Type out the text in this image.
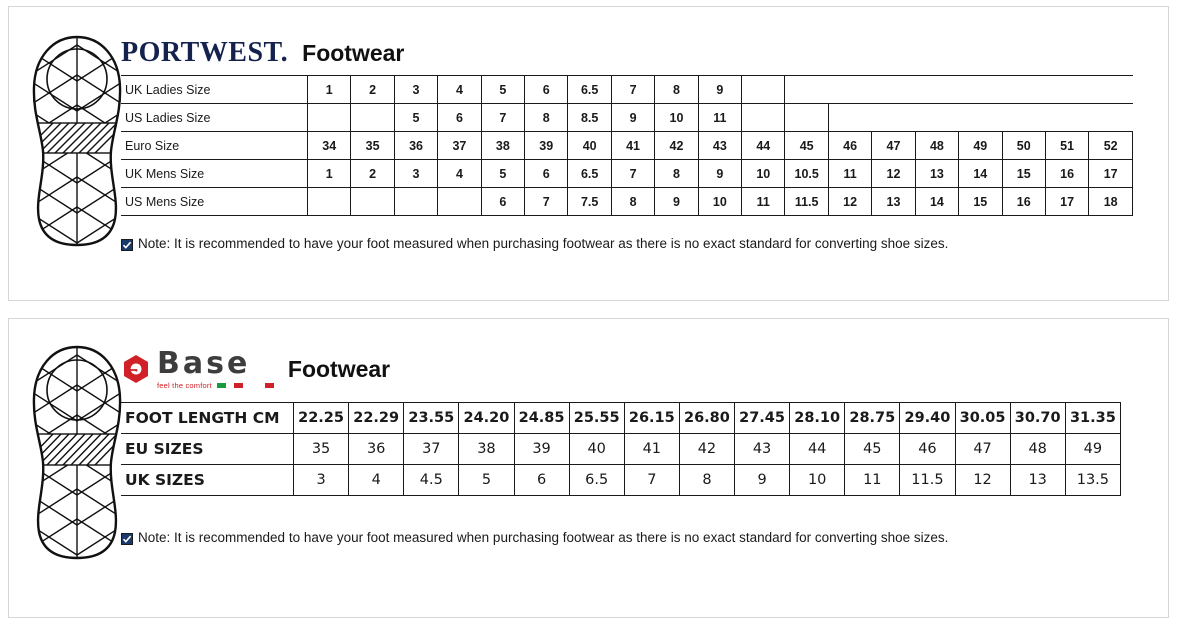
PORTWEST. Footwear
UK Ladies Size	1	2	3	4	5	6	6.5	7	8	9									
US Ladies Size			5	6	7	8	8.5	9	10	11									
Euro Size	34	35	36	37	38	39	40	41	42	43	44	45	46	47	48	49	50	51	52
UK Mens Size	1	2	3	4	5	6	6.5	7	8	9	10	10.5	11	12	13	14	15	16	17
US Mens Size					6	7	7.5	8	9	10	11	11.5	12	13	14	15	16	17	18
Note: It is recommended to have your foot measured when purchasing footwear as there is no exact standard for converting shoe sizes.
Base
feel the comfort
Footwear
FOOT LENGTH CM	22.25	22.29	23.55	24.20	24.85	25.55	26.15	26.80	27.45	28.10	28.75	29.40	30.05	30.70	31.35
EU SIZES	35	36	37	38	39	40	41	42	43	44	45	46	47	48	49
UK SIZES	3	4	4.5	5	6	6.5	7	8	9	10	11	11.5	12	13	13.5
Note: It is recommended to have your foot measured when purchasing footwear as there is no exact standard for converting shoe sizes.
